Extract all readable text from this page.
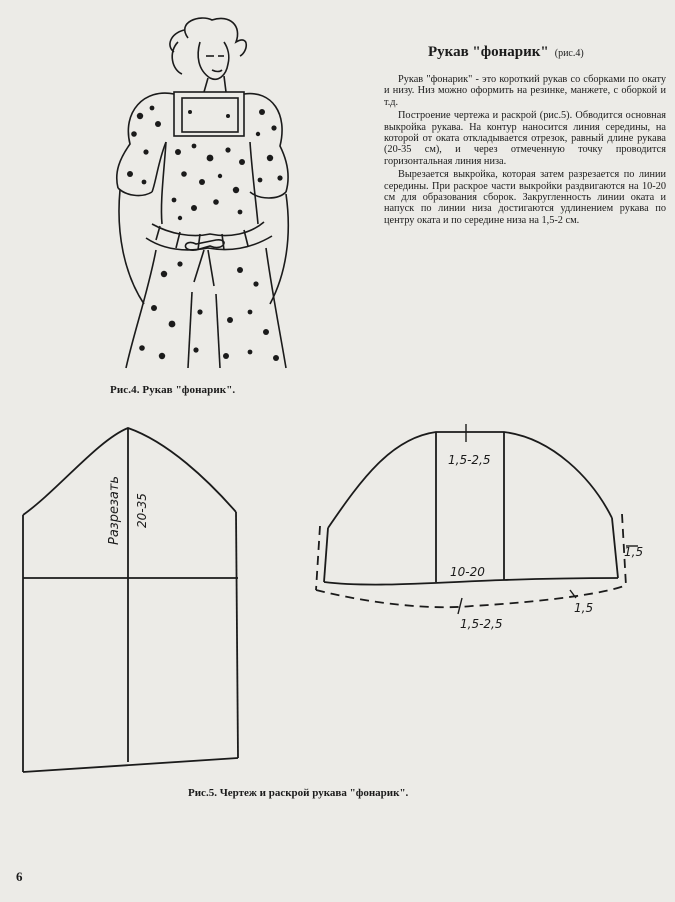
Рис.4. Рукав "фонарик".
Рукав "фонарик" (рис.4)

Рукав "фонарик" - это короткий рукав со сборками по окату и низу. Низ можно оформить на резинке, манжете, с оборкой и т.д.

Построение чертежа и раскрой (рис.5). Обводится основная выкройка рукава. На контур наносится линия середины, на которой от оката откладывается отрезок, равный длине рукава (20-35 см), и через отмеченную точку проводится горизонтальная линия низа.

Вырезается выкройка, которая затем разрезается по линии середины. При раскрое части выкройки раздвигаются на 10-20 см для образования сборок. Закругленность линии оката и напуск по линии низа достигаются удлинением рукава по центру оката и по середине низа на 1,5-2 см.

Разрезать 20-35
1,5-2,5
10-20
1,5
1,5
1,5-2,5
Рис.5. Чертеж и раскрой рукава "фонарик".
6
